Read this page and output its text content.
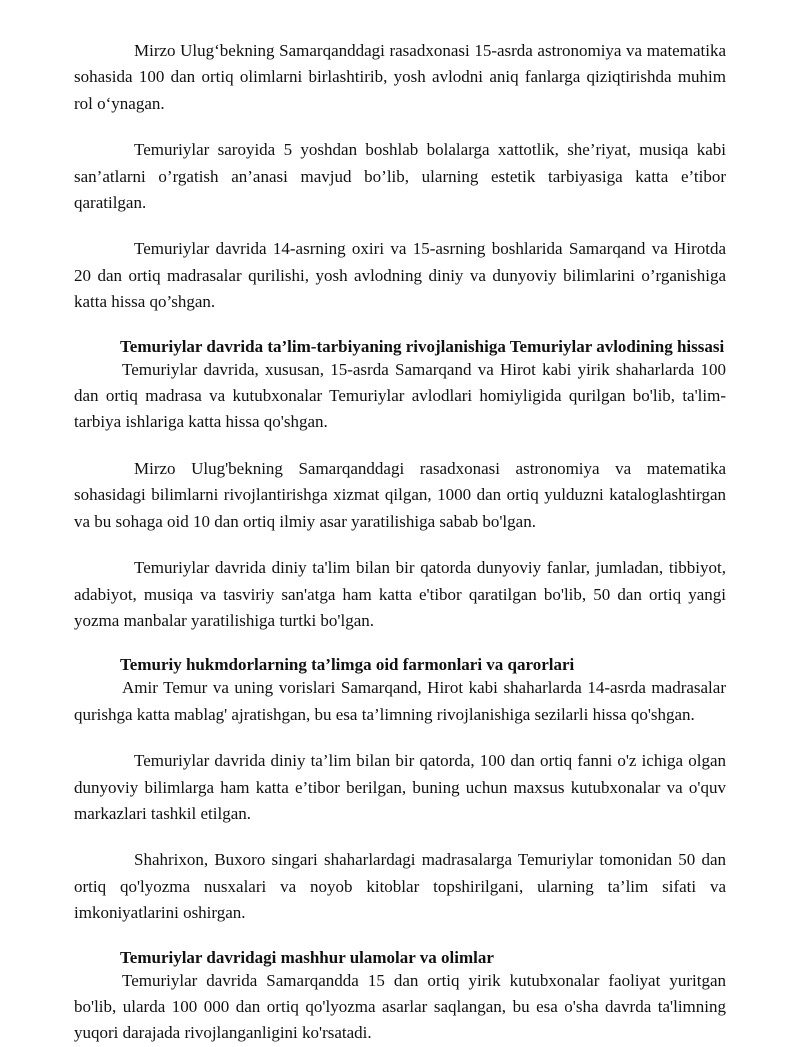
Mirzo Ulug‘bekning Samarqanddagi rasadxonasi 15-asrda astronomiya va matematika sohasida 100 dan ortiq olimlarni birlashtirib, yosh avlodni aniq fanlarga qiziqtirishda muhim rol o‘ynagan.

Temuriylar saroyida 5 yoshdan boshlab bolalarga xattotlik, she’riyat, musiqa kabi san’atlarni o’rgatish an’anasi mavjud bo’lib, ularning estetik tarbiyasiga katta e’tibor qaratilgan.

Temuriylar davrida 14-asrning oxiri va 15-asrning boshlarida Samarqand va Hirotda 20 dan ortiq madrasalar qurilishi, yosh avlodning diniy va dunyoviy bilimlarini o’rganishiga katta hissa qo’shgan.

Temuriylar davrida ta’lim-tarbiyaning rivojlanishiga Temuriylar avlodining hissasi

Temuriylar davrida, xususan, 15-asrda Samarqand va Hirot kabi yirik shaharlarda 100 dan ortiq madrasa va kutubxonalar Temuriylar avlodlari homiyligida qurilgan bo'lib, ta'lim-tarbiya ishlariga katta hissa qo'shgan.

Mirzo Ulug'bekning Samarqanddagi rasadxonasi astronomiya va matematika sohasidagi bilimlarni rivojlantirishga xizmat qilgan, 1000 dan ortiq yulduzni kataloglashtirgan va bu sohaga oid 10 dan ortiq ilmiy asar yaratilishiga sabab bo'lgan.

Temuriylar davrida diniy ta'lim bilan bir qatorda dunyoviy fanlar, jumladan, tibbiyot, adabiyot, musiqa va tasviriy san'atga ham katta e'tibor qaratilgan bo'lib, 50 dan ortiq yangi yozma manbalar yaratilishiga turtki bo'lgan.

Temuriy hukmdorlarning ta’limga oid farmonlari va qarorlari

Amir Temur va uning vorislari Samarqand, Hirot kabi shaharlarda 14-asrda madrasalar qurishga katta mablag' ajratishgan, bu esa ta’limning rivojlanishiga sezilarli hissa qo'shgan.

Temuriylar davrida diniy ta’lim bilan bir qatorda, 100 dan ortiq fanni o'z ichiga olgan dunyoviy bilimlarga ham katta e’tibor berilgan, buning uchun maxsus kutubxonalar va o'quv markazlari tashkil etilgan.

Shahrixon, Buxoro singari shaharlardagi madrasalarga Temuriylar tomonidan 50 dan ortiq qo'lyozma nusxalari va noyob kitoblar topshirilgani, ularning ta’lim sifati va imkoniyatlarini oshirgan.

Temuriylar davridagi mashhur ulamolar va olimlar

Temuriylar davrida Samarqandda 15 dan ortiq yirik kutubxonalar faoliyat yuritgan bo'lib, ularda 100 000 dan ortiq qo'lyozma asarlar saqlangan, bu esa o'sha davrda ta'limning yuqori darajada rivojlanganligini ko'rsatadi.
